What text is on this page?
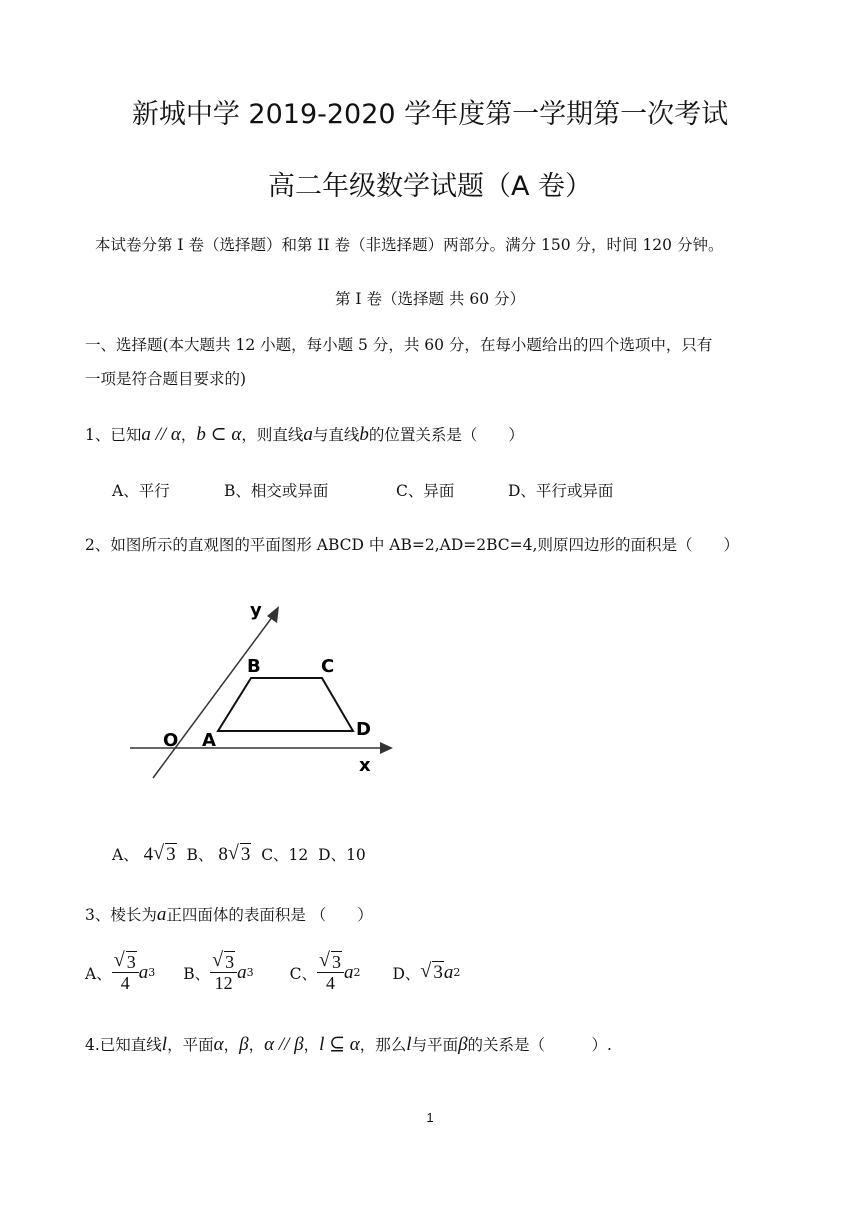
新城中学 2019-2020 学年度第一学期第一次考试
高二年级数学试题（A 卷）
本试卷分第 I 卷（选择题）和第 II 卷（非选择题）两部分。满分 150 分，时间 120 分钟。
第 I 卷（选择题 共 60 分）
一、选择题(本大题共 12 小题，每小题 5 分，共 60 分，在每小题给出的四个选项中，只有
一项是符合题目要求的)
1、已知a // α，b ⊂ α，则直线a与直线b的位置关系是（　　）
A、平行	B、相交或异面	C、异面	D、平行或异面
2、如图所示的直观图的平面图形 ABCD 中 AB=2,AD=2BC=4,则原四边形的面积是（　　）
y
x
O A
B	C
D
A、 4 √ 3 B、 8 √ 3 C、12 D、10
3、棱长为a正四面体的表面积是 （　　）
A、 √ $\frac{3}{4}$ a 3 B、 √ $\frac{3}{12}$ a 3 C、 √ $\frac{3}{4}$ a 2 D、 √ 3 a 2
4.已知直线l，平面α，β，α // β，l ⊆ α，那么l与平面β的关系是（　　　）.
1
